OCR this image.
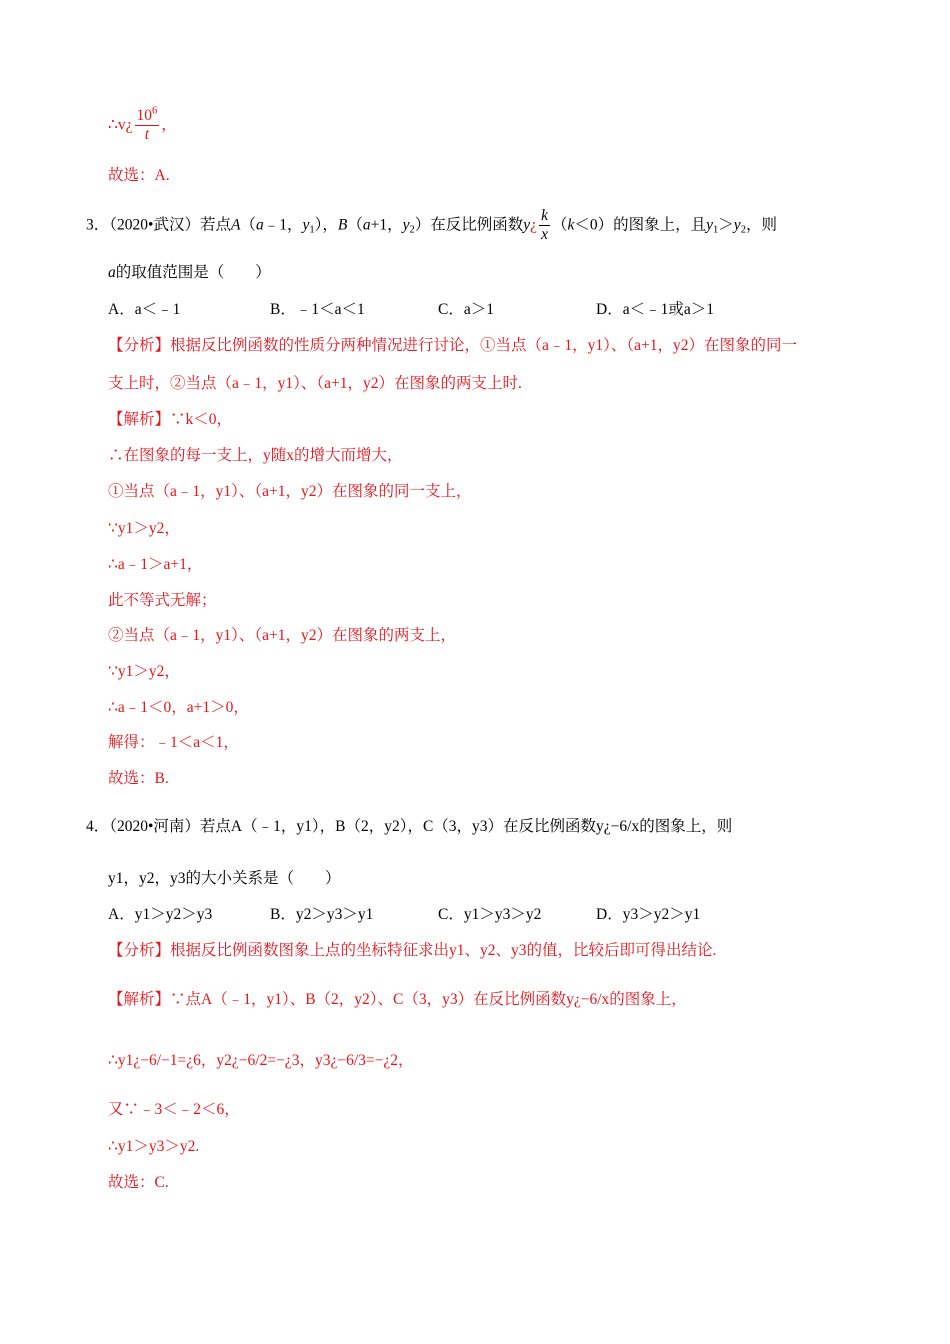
∴v¿ $\frac{10^6}{t}$ ，
故选：A.
3．（2020•武汉）若点A（a﹣1，$y_1$），B（a+1，$y_2$）在反比例函数y¿ $\frac{k}{x} (k<0)$的图象上，且$y_1>y_2$，则
a的取值范围是（　　）
A．a＜﹣1	B．﹣1＜a＜1	C．a＞1	D．a＜﹣1或a＞1
【分析】根据反比例函数的性质分两种情况进行讨论，①当点（a﹣1，y1）、（a+1，y2）在图象的同一
支上时，②当点（a﹣1，y1）、（a+1，y2）在图象的两支上时.
【解析】∵k＜0，
∴在图象的每一支上，y随x的增大而增大，
①当点（a﹣1，y1）、（a+1，y2）在图象的同一支上，
∵y1＞y2，
∴a﹣1＞a+1，
此不等式无解；
②当点（a﹣1，y1）、（a+1，y2）在图象的两支上，
∵y1＞y2，
∴a﹣1＜0，a+1＞0，
解得：﹣1＜a＜1，
故选：B.
4．（2020•河南）若点A（﹣1，y1），B（2，y2），C（3，y3）在反比例函数y¿−6/x的图象上，则
y1，y2，y3的大小关系是（　　）
A．y1＞y2＞y3	B．y2＞y3＞y1	C．y1＞y3＞y2	D．y3＞y2＞y1
【分析】根据反比例函数图象上点的坐标特征求出y1、y2、y3的值，比较后即可得出结论.
【解析】∵点A（﹣1，y1）、B（2，y2）、C（3，y3）在反比例函数y¿−6/x的图象上，
∴y1¿−6/−1=¿6，y2¿−6/2=−¿3，y3¿−6/3=−¿2，
又∵﹣3＜﹣2＜6，
∴y1＞y3＞y2.
故选：C.
